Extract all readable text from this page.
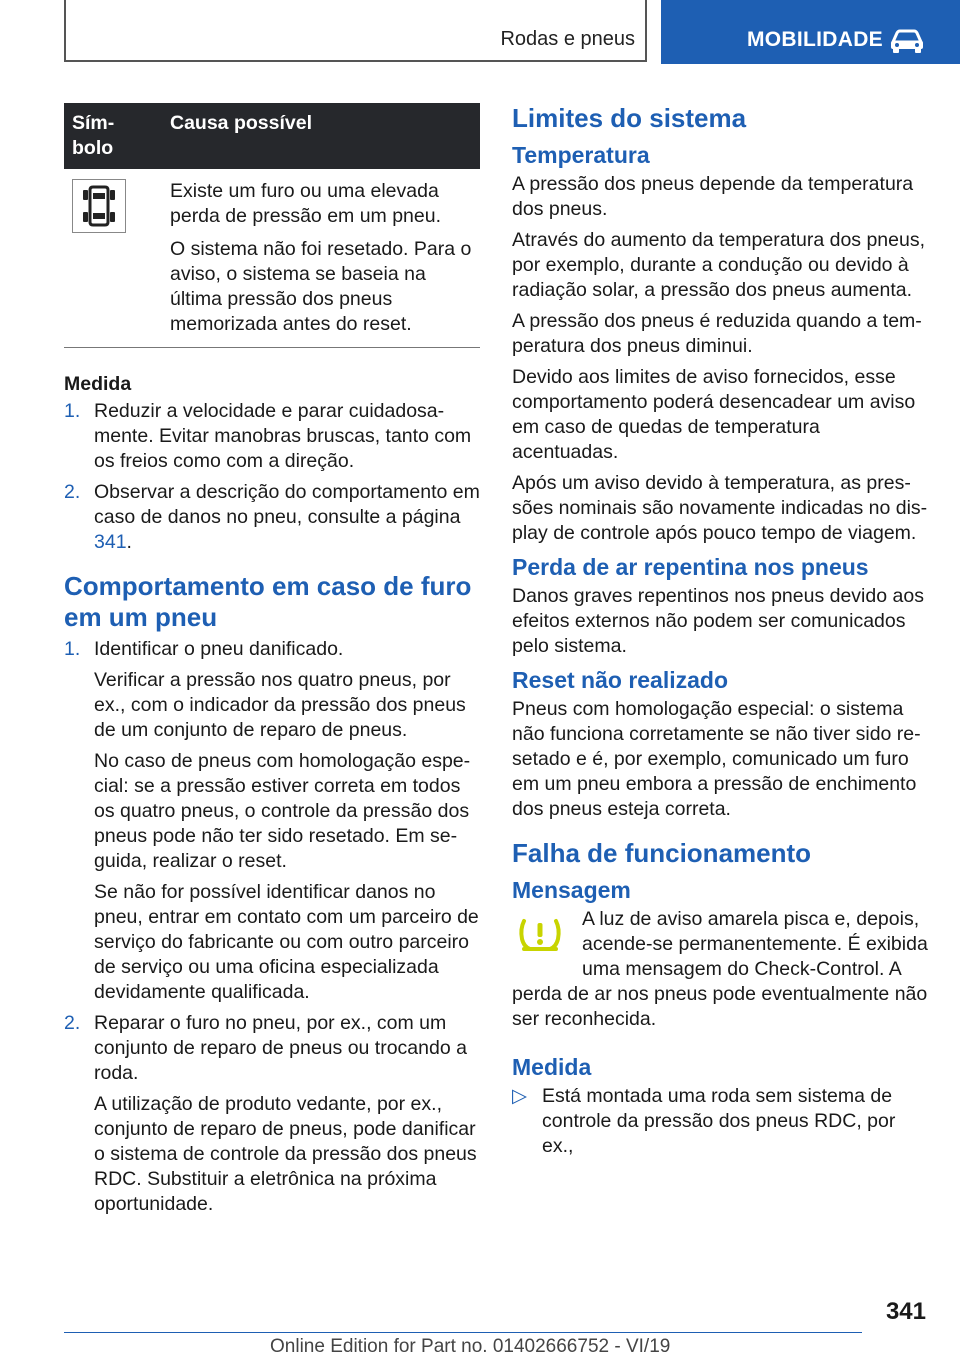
Rodas e pneus	MOBILIDADE
Sím-
bolo	Causa possível

Existe um furo ou uma elevada perda de pressão em um pneu.

O sistema não foi resetado. Para o aviso, o sistema se baseia na última pressão dos pneus memorizada antes do reset.

Medida
1. Reduzir a velocidade e parar cuidadosamente. Evitar manobras bruscas, tanto com os freios como com a direção.
2. Observar a descrição do comportamento em caso de danos no pneu, consulte a página 341.
Comportamento em caso de furo em um pneu
1. Identificar o pneu danificado.

Verificar a pressão nos quatro pneus, por ex., com o indicador da pressão dos pneus de um conjunto de reparo de pneus.

No caso de pneus com homologação especial: se a pressão estiver correta em todos os quatro pneus, o controle da pressão dos pneus pode não ter sido resetado. Em seguida, realizar o reset.

Se não for possível identificar danos no pneu, entrar em contato com um parceiro de serviço do fabricante ou com outro parceiro de serviço ou uma oficina especializada devidamente qualificada.

2. Reparar o furo no pneu, por ex., com um conjunto de reparo de pneus ou trocando a roda.

A utilização de produto vedante, por ex., conjunto de reparo de pneus, pode danificar o sistema de controle da pressão dos pneus RDC. Substituir a eletrônica na próxima oportunidade.

Limites do sistema
Temperatura

A pressão dos pneus depende da temperatura dos pneus.

Através do aumento da temperatura dos pneus, por exemplo, durante a condução ou devido à radiação solar, a pressão dos pneus aumenta.

A pressão dos pneus é reduzida quando a temperatura dos pneus diminui.

Devido aos limites de aviso fornecidos, esse comportamento poderá desencadear um aviso em caso de quedas de temperatura acentuadas.

Após um aviso devido à temperatura, as pressões nominais são novamente indicadas no display de controle após pouco tempo de viagem.

Perda de ar repentina nos pneus

Danos graves repentinos nos pneus devido aos efeitos externos não podem ser comunicados pelo sistema.

Reset não realizado

Pneus com homologação especial: o sistema não funciona corretamente se não tiver sido resetado e é, por exemplo, comunicado um furo em um pneu embora a pressão de enchimento dos pneus esteja correta.

Falha de funcionamento
Mensagem

A luz de aviso amarela pisca e, depois, acende-se permanentemente. É exibida uma mensagem do Check-Control. A perda de ar nos pneus pode eventualmente não ser reconhecida.

Medida
▷ Está montada uma roda sem sistema de controle da pressão dos pneus RDC, por ex.,
341
Online Edition for Part no. 01402666752 - VI/19
